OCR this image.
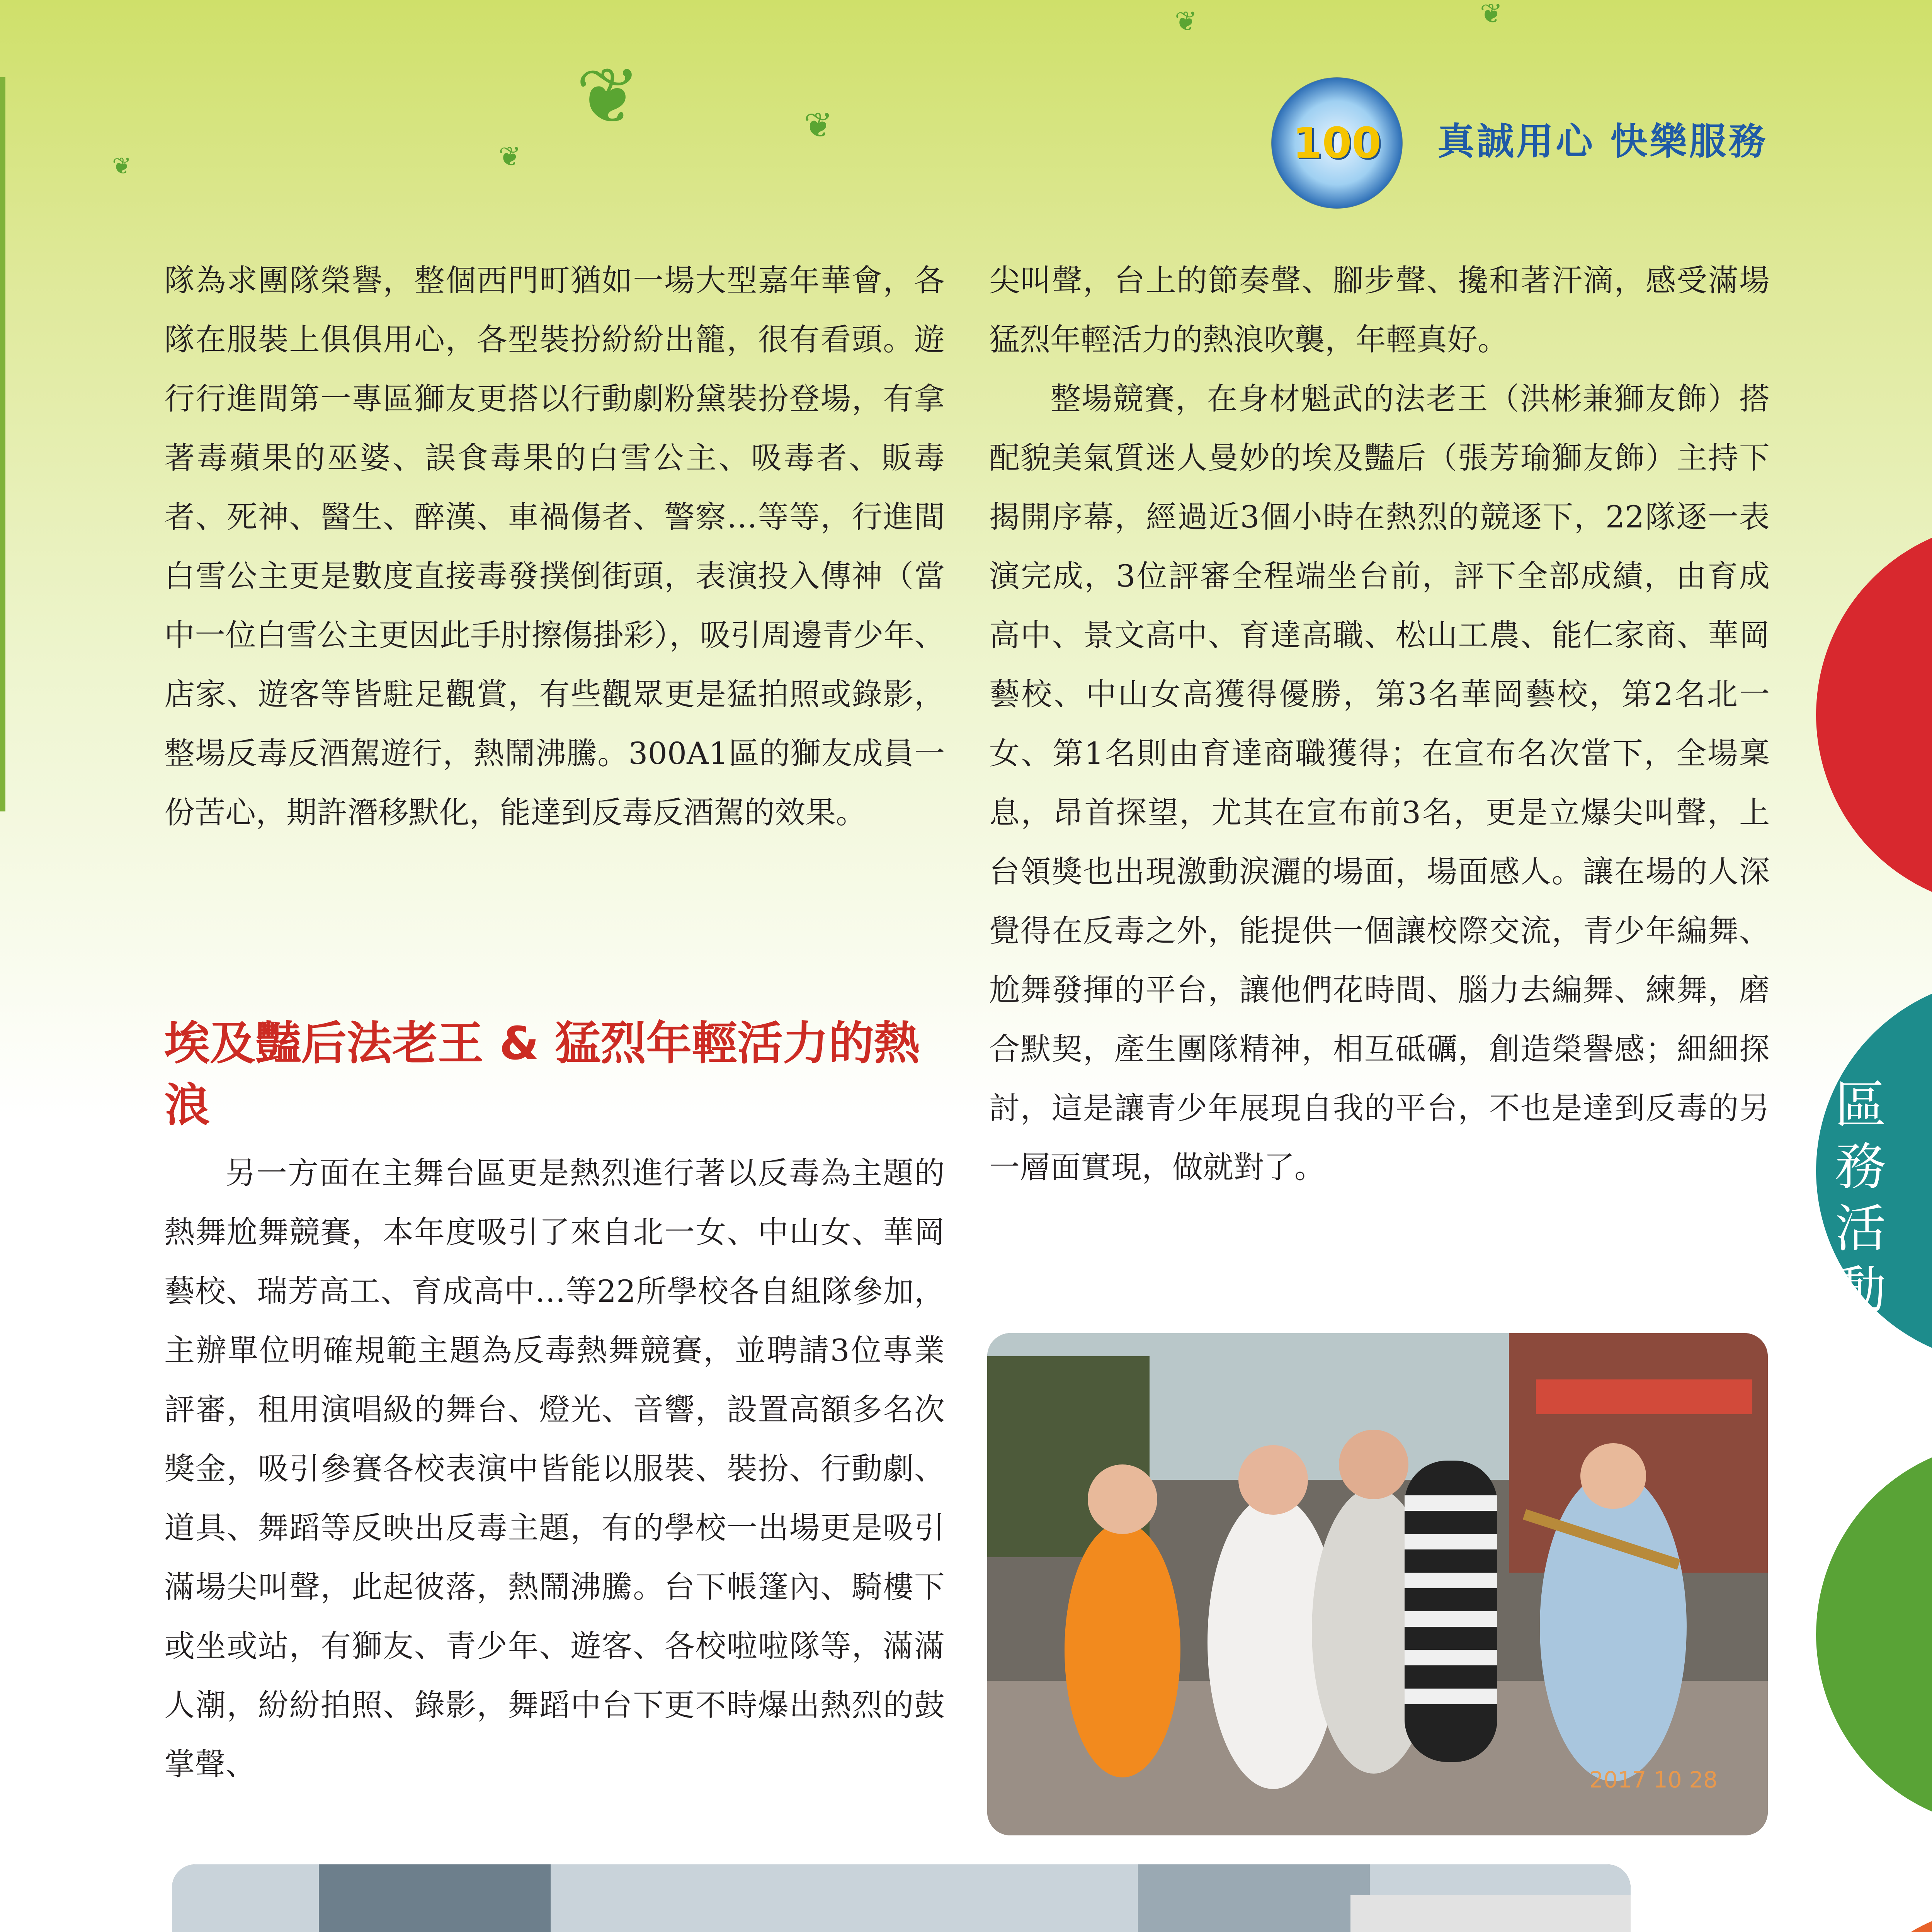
❦	❦
❦
❦	❦
❦	100 真誠用心 快樂服務

隊為求團隊榮譽，整個西門町猶如一場大型嘉年華會，各隊在服裝上俱俱用心，各型裝扮紛紛出籠，很有看頭。遊行行進間第一專區獅友更搭以行動劇粉黛裝扮登場，有拿著毒蘋果的巫婆、誤食毒果的白雪公主、吸毒者、販毒者、死神、醫生、醉漢、車禍傷者、警察…等等，行進間白雪公主更是數度直接毒發撲倒街頭，表演投入傳神（當中一位白雪公主更因此手肘擦傷掛彩），吸引周邊青少年、店家、遊客等皆駐足觀賞，有些觀眾更是猛拍照或錄影，整場反毒反酒駕遊行，熱鬧沸騰。300A1區的獅友成員一份苦心，期許潛移默化，能達到反毒反酒駕的效果。

埃及豔后法老王 & 猛烈年輕活力的熱浪

另一方面在主舞台區更是熱烈進行著以反毒為主題的熱舞尬舞競賽，本年度吸引了來自北一女、中山女、華岡藝校、瑞芳高工、育成高中…等22所學校各自組隊參加，主辦單位明確規範主題為反毒熱舞競賽，並聘請3位專業評審，租用演唱級的舞台、燈光、音響，設置高額多名次獎金，吸引參賽各校表演中皆能以服裝、裝扮、行動劇、道具、舞蹈等反映出反毒主題，有的學校一出場更是吸引滿場尖叫聲，此起彼落，熱鬧沸騰。台下帳篷內、騎樓下或坐或站，有獅友、青少年、遊客、各校啦啦隊等，滿滿人潮，紛紛拍照、錄影，舞蹈中台下更不時爆出熱烈的鼓掌聲、

尖叫聲，台上的節奏聲、腳步聲、攙和著汗滴，感受滿場猛烈年輕活力的熱浪吹襲，年輕真好。

整場競賽，在身材魁武的法老王（洪彬兼獅友飾）搭配貌美氣質迷人曼妙的埃及豔后（張芳瑜獅友飾）主持下揭開序幕，經過近3個小時在熱烈的競逐下，22隊逐一表演完成，3位評審全程端坐台前，評下全部成績，由育成高中、景文高中、育達高職、松山工農、能仁家商、華岡藝校、中山女高獲得優勝，第3名華岡藝校，第2名北一女、第1名則由育達商職獲得；在宣布名次當下，全場稟息，昂首探望，尤其在宣布前3名，更是立爆尖叫聲，上台領獎也出現激動淚灑的場面，場面感人。讓在場的人深覺得在反毒之外，能提供一個讓校際交流，青少年編舞、尬舞發揮的平台，讓他們花時間、腦力去編舞、練舞，磨合默契，產生團隊精神，相互砥礪，創造榮譽感；細細探討，這是讓青少年展現自我的平台，不也是達到反毒的另一層面實現，做就對了。

區
務
活
動
2017 10 28
